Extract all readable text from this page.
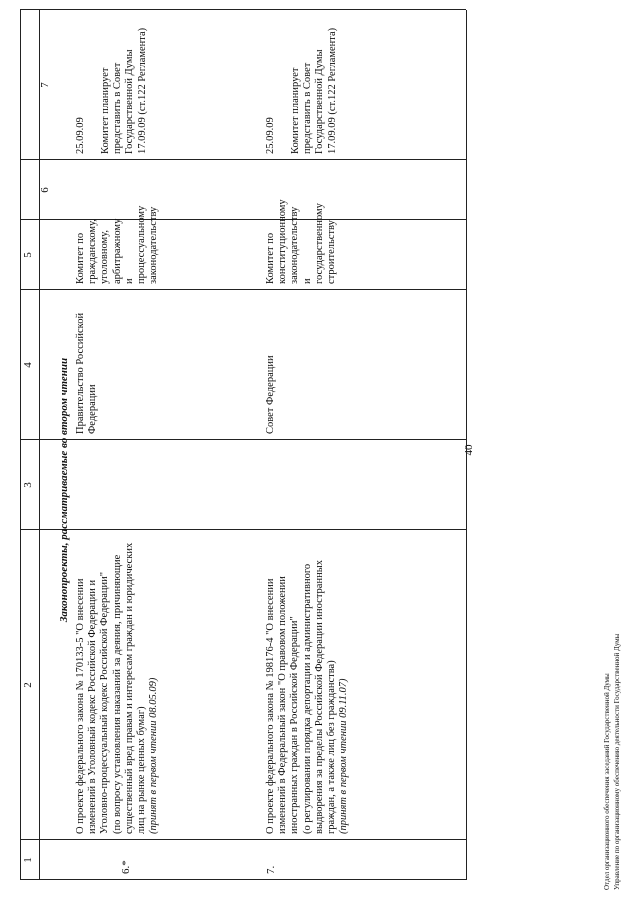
40
1
2
3
4
5
6
7
Законопроекты, рассматриваемые во втором чтении
6.*

О проекте федерального закона № 170133-5 "О внесении изменений в Уголовный кодекс Российской Федерации и Уголовно-процессуальный кодекс Российской Федерации" (по вопросу установления наказаний за деяния, причиняющие существенный вред правам и интересам граждан и юридических лиц на рынке ценных бумаг) (принят в первом чтении 08.05.09)

Правительство Российской Федерации
Комитет по гражданскому, уголовному, арбитражному и процессуальному законодательству
25.09.09 Комитет планирует представить в Совет Государственной Думы 17.09.09 (ст.122 Регламента)
7.

О проекте федерального закона № 198176-4 "О внесении изменений в Федеральный закон "О правовом положении иностранных граждан в Российской Федерации" (о регулировании порядка депортации и административного выдворения за пределы Российской Федерации иностранных граждан, а также лиц без гражданства) (принят в первом чтении 09.11.07)

Совет Федерации
Комитет по конституционному законодательству и государственному строительству
25.09.09 Комитет планирует представить в Совет Государственной Думы 17.09.09 (ст.122 Регламента)
Отдел организационного обеспечения заседаний Государственной Думы Управление по организационному обеспечению деятельности Государственной Думы
